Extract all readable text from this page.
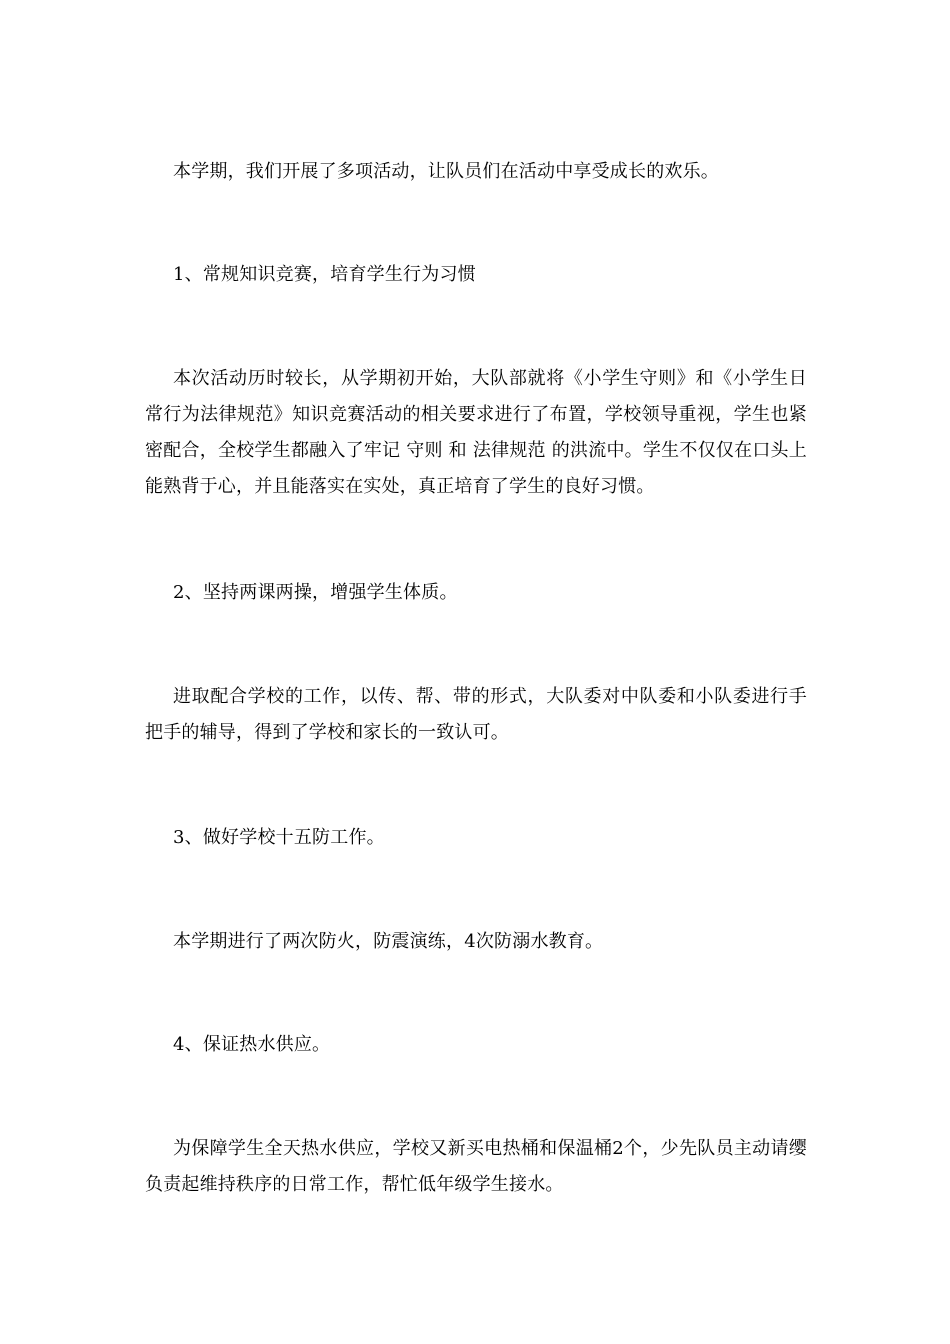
本学期，我们开展了多项活动，让队员们在活动中享受成长的欢乐。

1、常规知识竞赛，培育学生行为习惯

本次活动历时较长，从学期初开始，大队部就将《小学生守则》和《小学生日常行为法律规范》知识竞赛活动的相关要求进行了布置，学校领导重视，学生也紧密配合，全校学生都融入了牢记 守则 和 法律规范 的洪流中。学生不仅仅在口头上能熟背于心，并且能落实在实处，真正培育了学生的良好习惯。

2、坚持两课两操，增强学生体质。

进取配合学校的工作，以传、帮、带的形式，大队委对中队委和小队委进行手把手的辅导，得到了学校和家长的一致认可。

3、做好学校十五防工作。

本学期进行了两次防火，防震演练，4次防溺水教育。

4、保证热水供应。

为保障学生全天热水供应，学校又新买电热桶和保温桶2个，少先队员主动请缨负责起维持秩序的日常工作，帮忙低年级学生接水。
